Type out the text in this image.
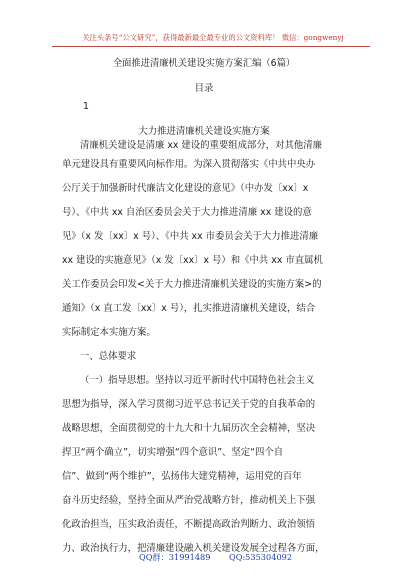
关注头条号“公文研究”，获得最新最全最专业的公文资料库！ 微信：gongwenyj
全面推进清廉机关建设实施方案汇编（6篇）
目录
1
大力推进清廉机关建设实施方案
清廉机关建设是清廉 xx 建设的重要组成部分，对其他清廉
单元建设具有重要风向标作用。为深入贯彻落实《中共中央办
公厅关于加强新时代廉洁文化建设的意见》（中办发〔xx〕x
号）、《中共 xx 自治区委员会关于大力推进清廉 xx 建设的意
见》（x 发〔xx〕x 号）、《中共 xx 市委员会关于大力推进清廉
xx 建设的实施意见》（x 发〔xx〕x 号）和《中共 xx 市直属机
关工作委员会印发<关于大力推进清廉机关建设的实施方案>的
通知》（x 直工发〔xx〕x 号），扎实推进清廉机关建设，结合
实际制定本实施方案。
一、总体要求
（一）指导思想。坚持以习近平新时代中国特色社会主义
思想为指导，深入学习贯彻习近平总书记关于党的自我革命的
战略思想，全面贯彻党的十九大和十九届历次全会精神，坚决
捍卫“两个确立”，切实增强“四个意识”、坚定“四个自
信”、做到“两个维护”，弘扬伟大建党精神，运用党的百年
奋斗历史经验，坚持全面从严治党战略方针，推动机关上下强
化政治担当，压实政治责任，不断提高政治判断力、政治领悟
力、政治执行力，把清廉建设融入机关建设发展全过程各方面，
QQ群：31991489 QQ:535304092
